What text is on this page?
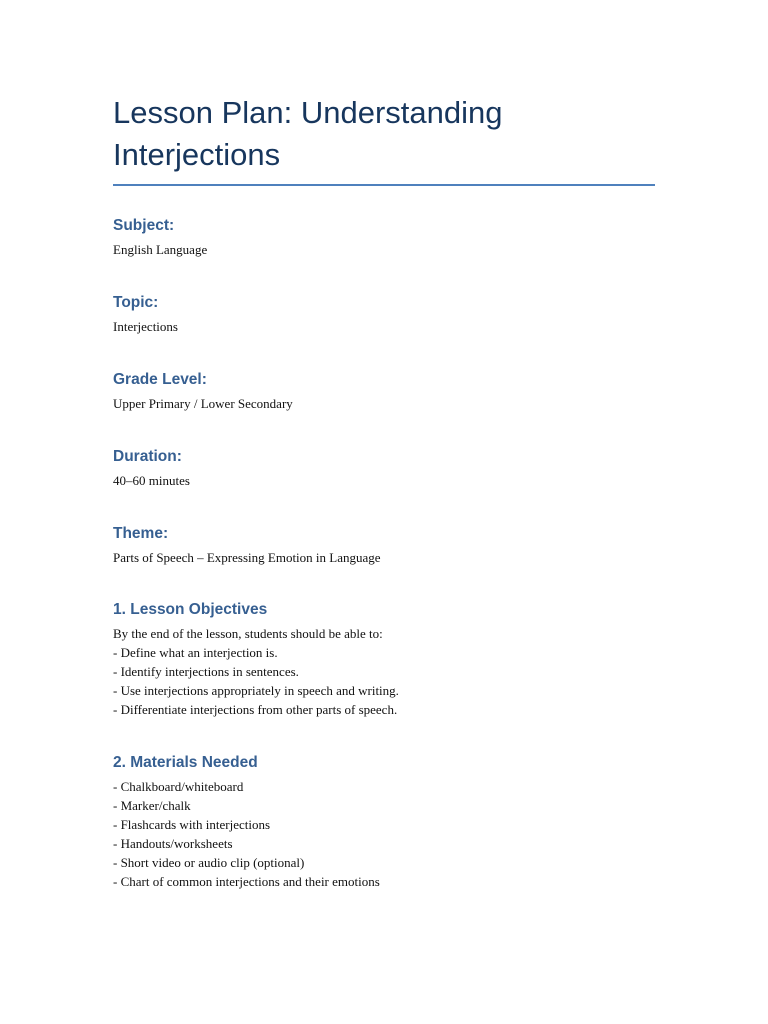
Lesson Plan: Understanding Interjections
Subject:

English Language

Topic:

Interjections

Grade Level:

Upper Primary / Lower Secondary

Duration:

40–60 minutes

Theme:

Parts of Speech – Expressing Emotion in Language

1. Lesson Objectives

By the end of the lesson, students should be able to:
- Define what an interjection is.
- Identify interjections in sentences.
- Use interjections appropriately in speech and writing.
- Differentiate interjections from other parts of speech.

2. Materials Needed

- Chalkboard/whiteboard
- Marker/chalk
- Flashcards with interjections
- Handouts/worksheets
- Short video or audio clip (optional)
- Chart of common interjections and their emotions
